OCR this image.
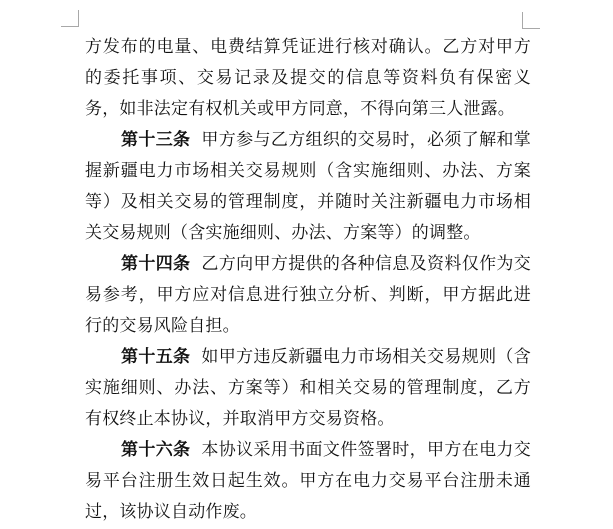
方发布的电量、电费结算凭证进行核对确认。乙方对甲方的委托事项、交易记录及提交的信息等资料负有保密义务，如非法定有权机关或甲方同意，不得向第三人泄露。

第十三条 甲方参与乙方组织的交易时，必须了解和掌握新疆电力市场相关交易规则（含实施细则、办法、方案等）及相关交易的管理制度，并随时关注新疆电力市场相关交易规则（含实施细则、办法、方案等）的调整。

第十四条 乙方向甲方提供的各种信息及资料仅作为交易参考，甲方应对信息进行独立分析、判断，甲方据此进行的交易风险自担。

第十五条 如甲方违反新疆电力市场相关交易规则（含实施细则、办法、方案等）和相关交易的管理制度，乙方有权终止本协议，并取消甲方交易资格。

第十六条 本协议采用书面文件签署时，甲方在电力交易平台注册生效日起生效。甲方在电力交易平台注册未通过，该协议自动作废。
